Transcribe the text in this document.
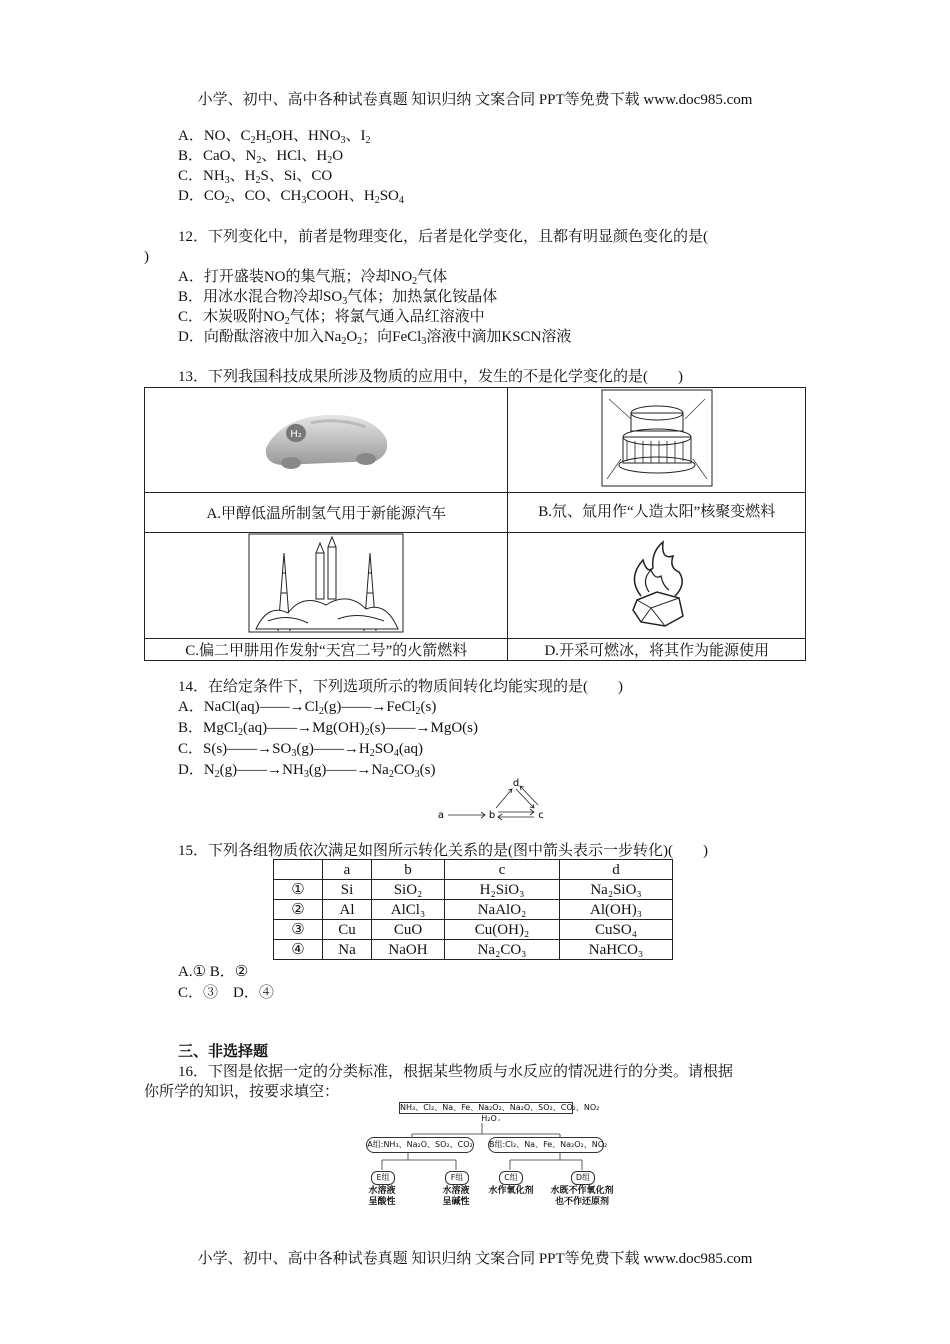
小学、初中、高中各种试卷真题 知识归纳 文案合同 PPT等免费下载 www.doc985.com
A．NO、$C_2H_5OH$、$HNO_3$、$I_2$
B．CaO、$N_2$、HCl、$H_2O$
C．$NH_3$、$H_2S$、Si、CO
D．$CO_2$、CO、$CH_3COOH$、$H_2SO_4$
12．下列变化中，前者是物理变化，后者是化学变化，且都有明显颜色变化的是(
)
A．打开盛装NO的集气瓶；冷却$NO_2$气体
B．用冰水混合物冷却$SO_3$气体；加热氯化铵晶体
C．木炭吸附$NO_2$气体；将氯气通入品红溶液中
D．向酚酞溶液中加入$Na_2O_2$；向FeCl$_3$溶液中滴加KSCN溶液
13．下列我国科技成果所涉及物质的应用中，发生的不是化学变化的是(　　)
H₂

A.甲醇低温所制氢气用于新能源汽车	B.氘、氚用作“人造太阳”核聚变燃料

C.偏二甲肼用作发射“天宫二号”的火箭燃料	D.开采可燃冰，将其作为能源使用
14．在给定条件下，下列选项所示的物质间转化均能实现的是(　　)
A．$NaCl(aq)――\to Cl_2(g)――\to FeCl_2(s)$
B．$MgCl_2(aq)――\to Mg(OH)_2(s)――\to MgO(s)$
C．$S(s)――\to SO_3(g)――\to H_2SO_4(aq)$
D．$N_2(g)――\to NH_3(g)――\to Na_2CO_3(s)$
d
a	b	c
15．下列各组物质依次满足如图所示转化关系的是(图中箭头表示一步转化)(　　)
	a	b	c	d
①	Si	SiO₂	H₂SiO₃	Na₂SiO₃
②	Al	AlCl₃	NaAlO₂	Al(OH)₃
③	Cu	CuO	Cu(OH)₂	CuSO₄
④	Na	NaOH	Na₂CO₃	NaHCO₃
A.① B．②
C．③　D．④
三、非选择题
16．下图是依据一定的分类标准，根据某些物质与水反应的情况进行的分类。请根据
你所学的知识，按要求填空：
NH₃、Cl₂、Na、Fe、Na₂O₂、Na₂O、SO₂、CO₂、NO₂
H₂O
A组:NH₃、Na₂O、SO₂、CO₂ B组:Cl₂、Na、Fe、Na₂O₂、NO₂
E组	F组	C组	D组
水溶液
呈酸性
水溶液
呈碱性
水作氧化剂	水既不作氧化剂
也不作还原剂
小学、初中、高中各种试卷真题 知识归纳 文案合同 PPT等免费下载 www.doc985.com
